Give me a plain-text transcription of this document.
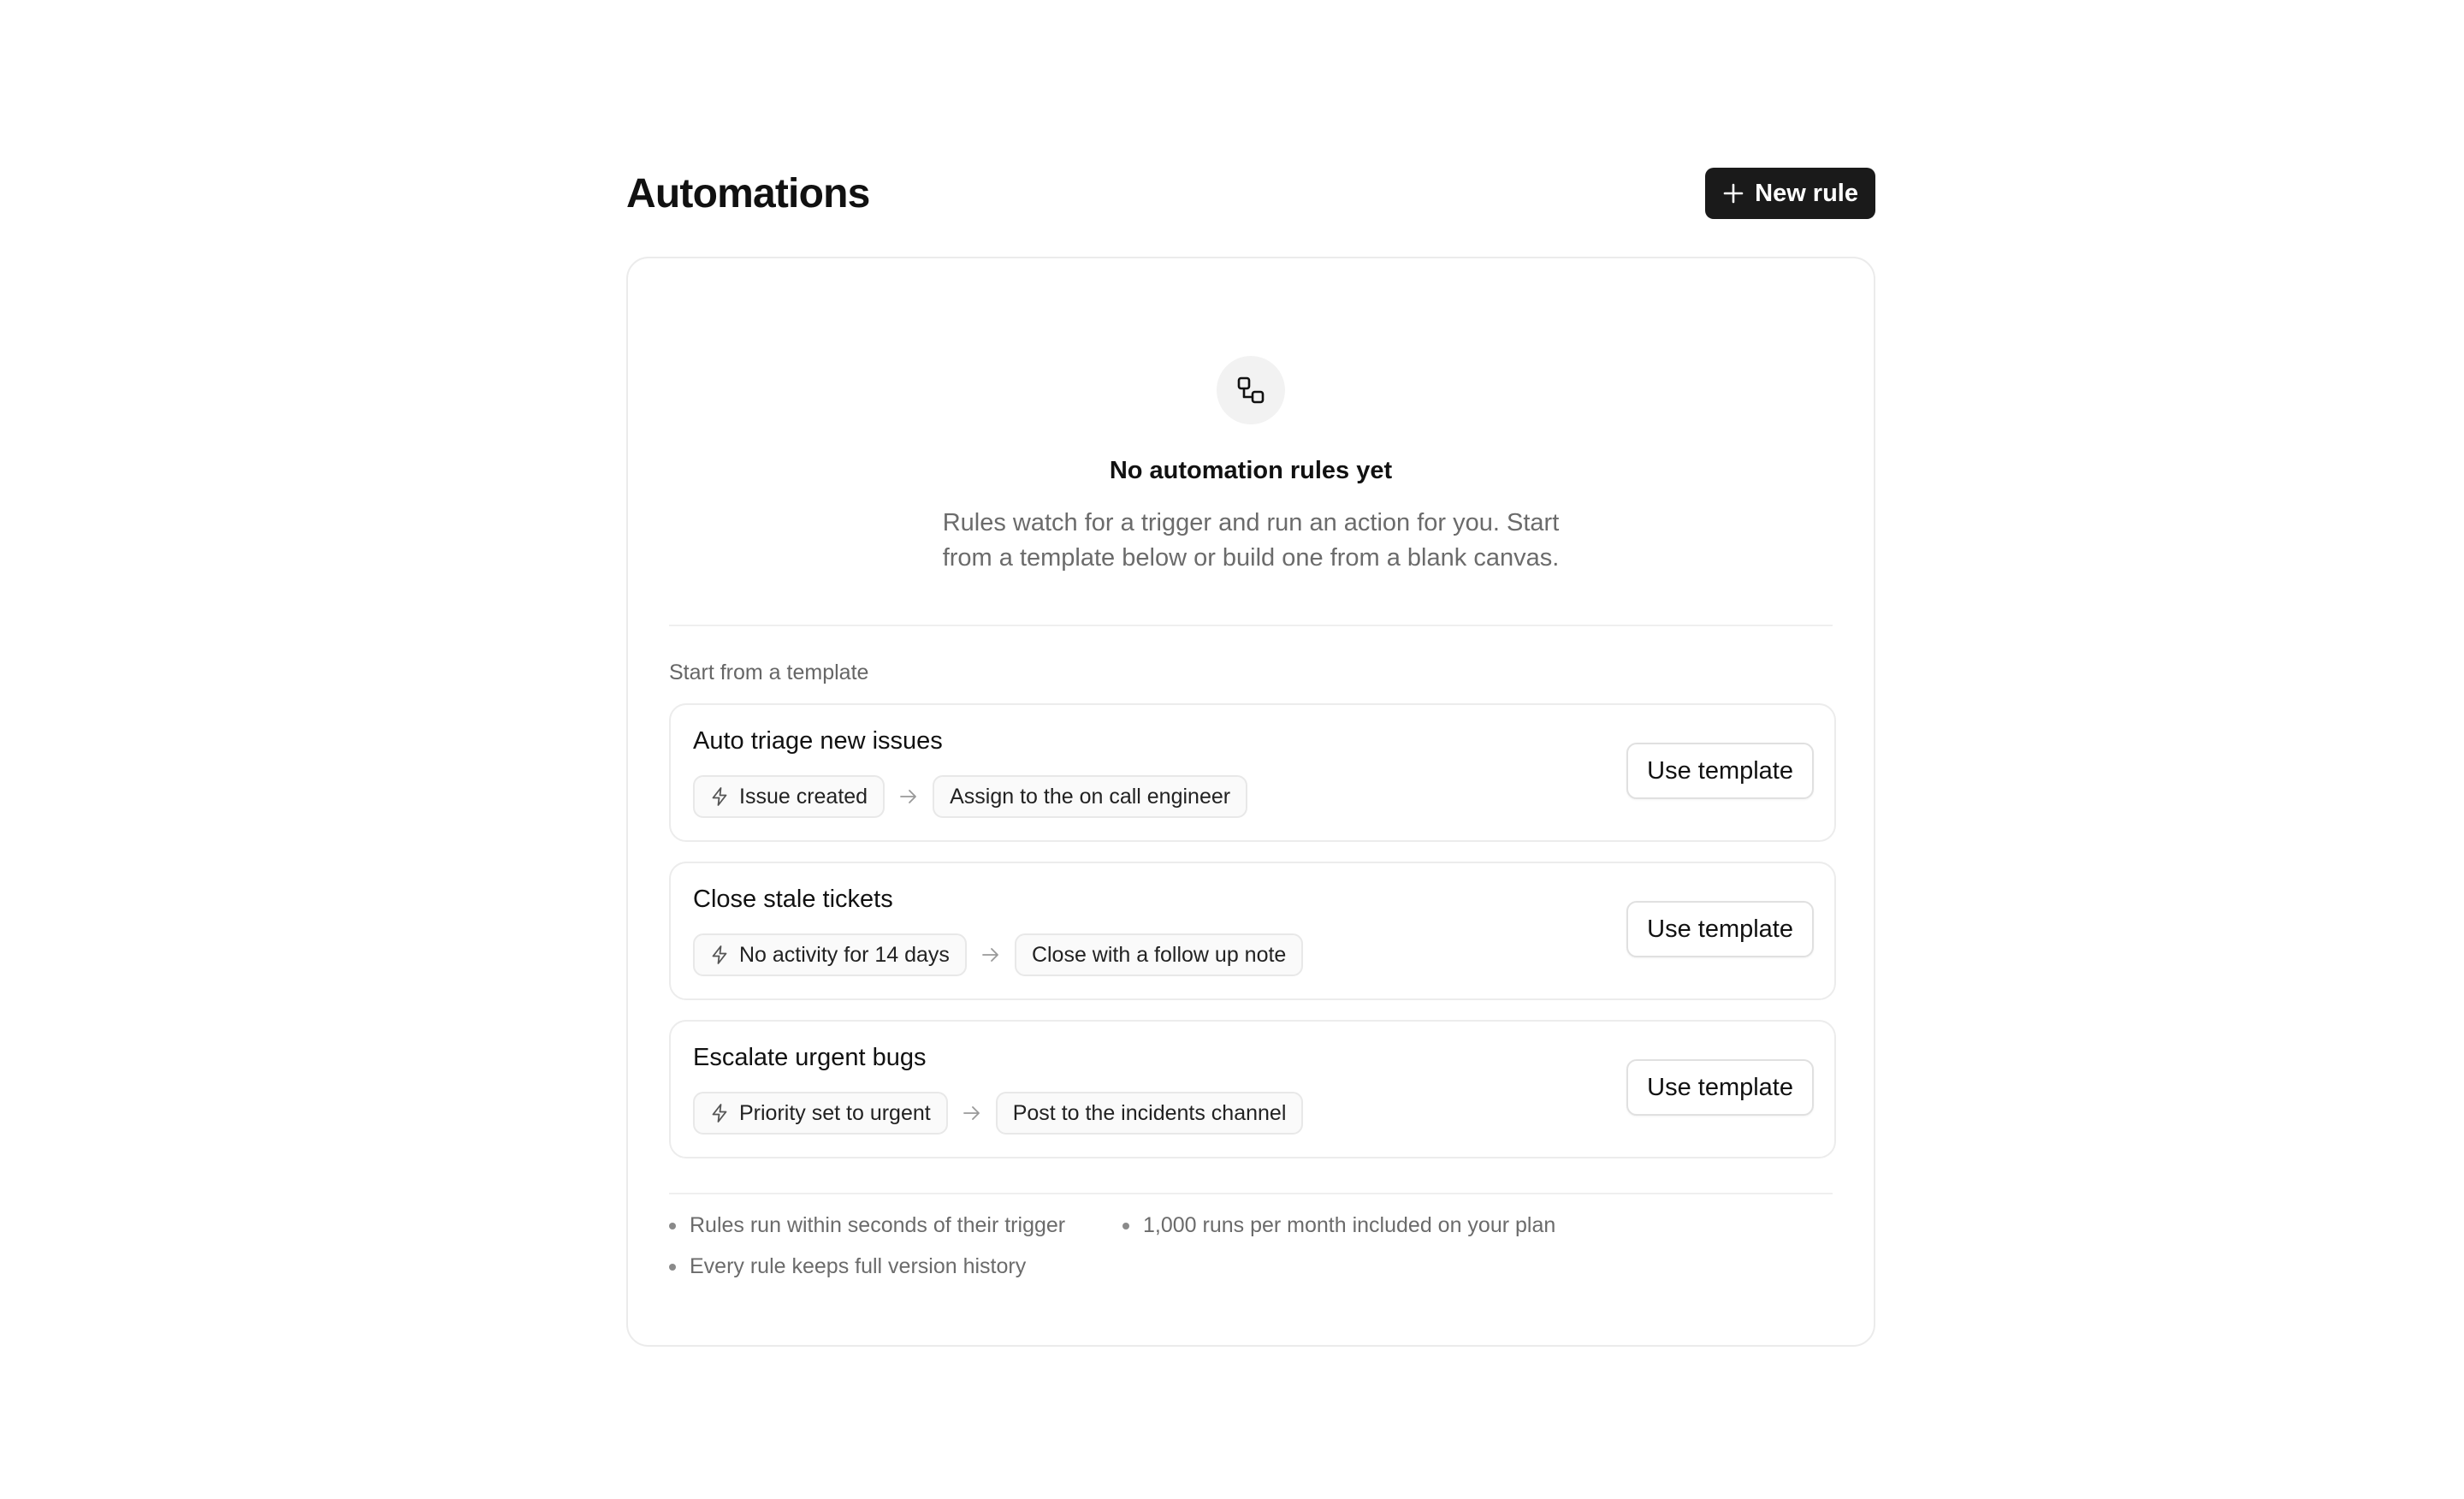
Automations	New rule
No automation rules yet
Rules watch for a trigger and run an action for you. Start from a template below or build one from a blank canvas.
Start from a template
Auto triage new issues
Issue created	Assign to the on call engineer
Use template
Close stale tickets
No activity for 14 days	Close with a follow up note
Use template
Escalate urgent bugs
Priority set to urgent	Post to the incidents channel
Use template
Rules run within seconds of their trigger	1,000 runs per month included on your plan
Every rule keeps full version history
